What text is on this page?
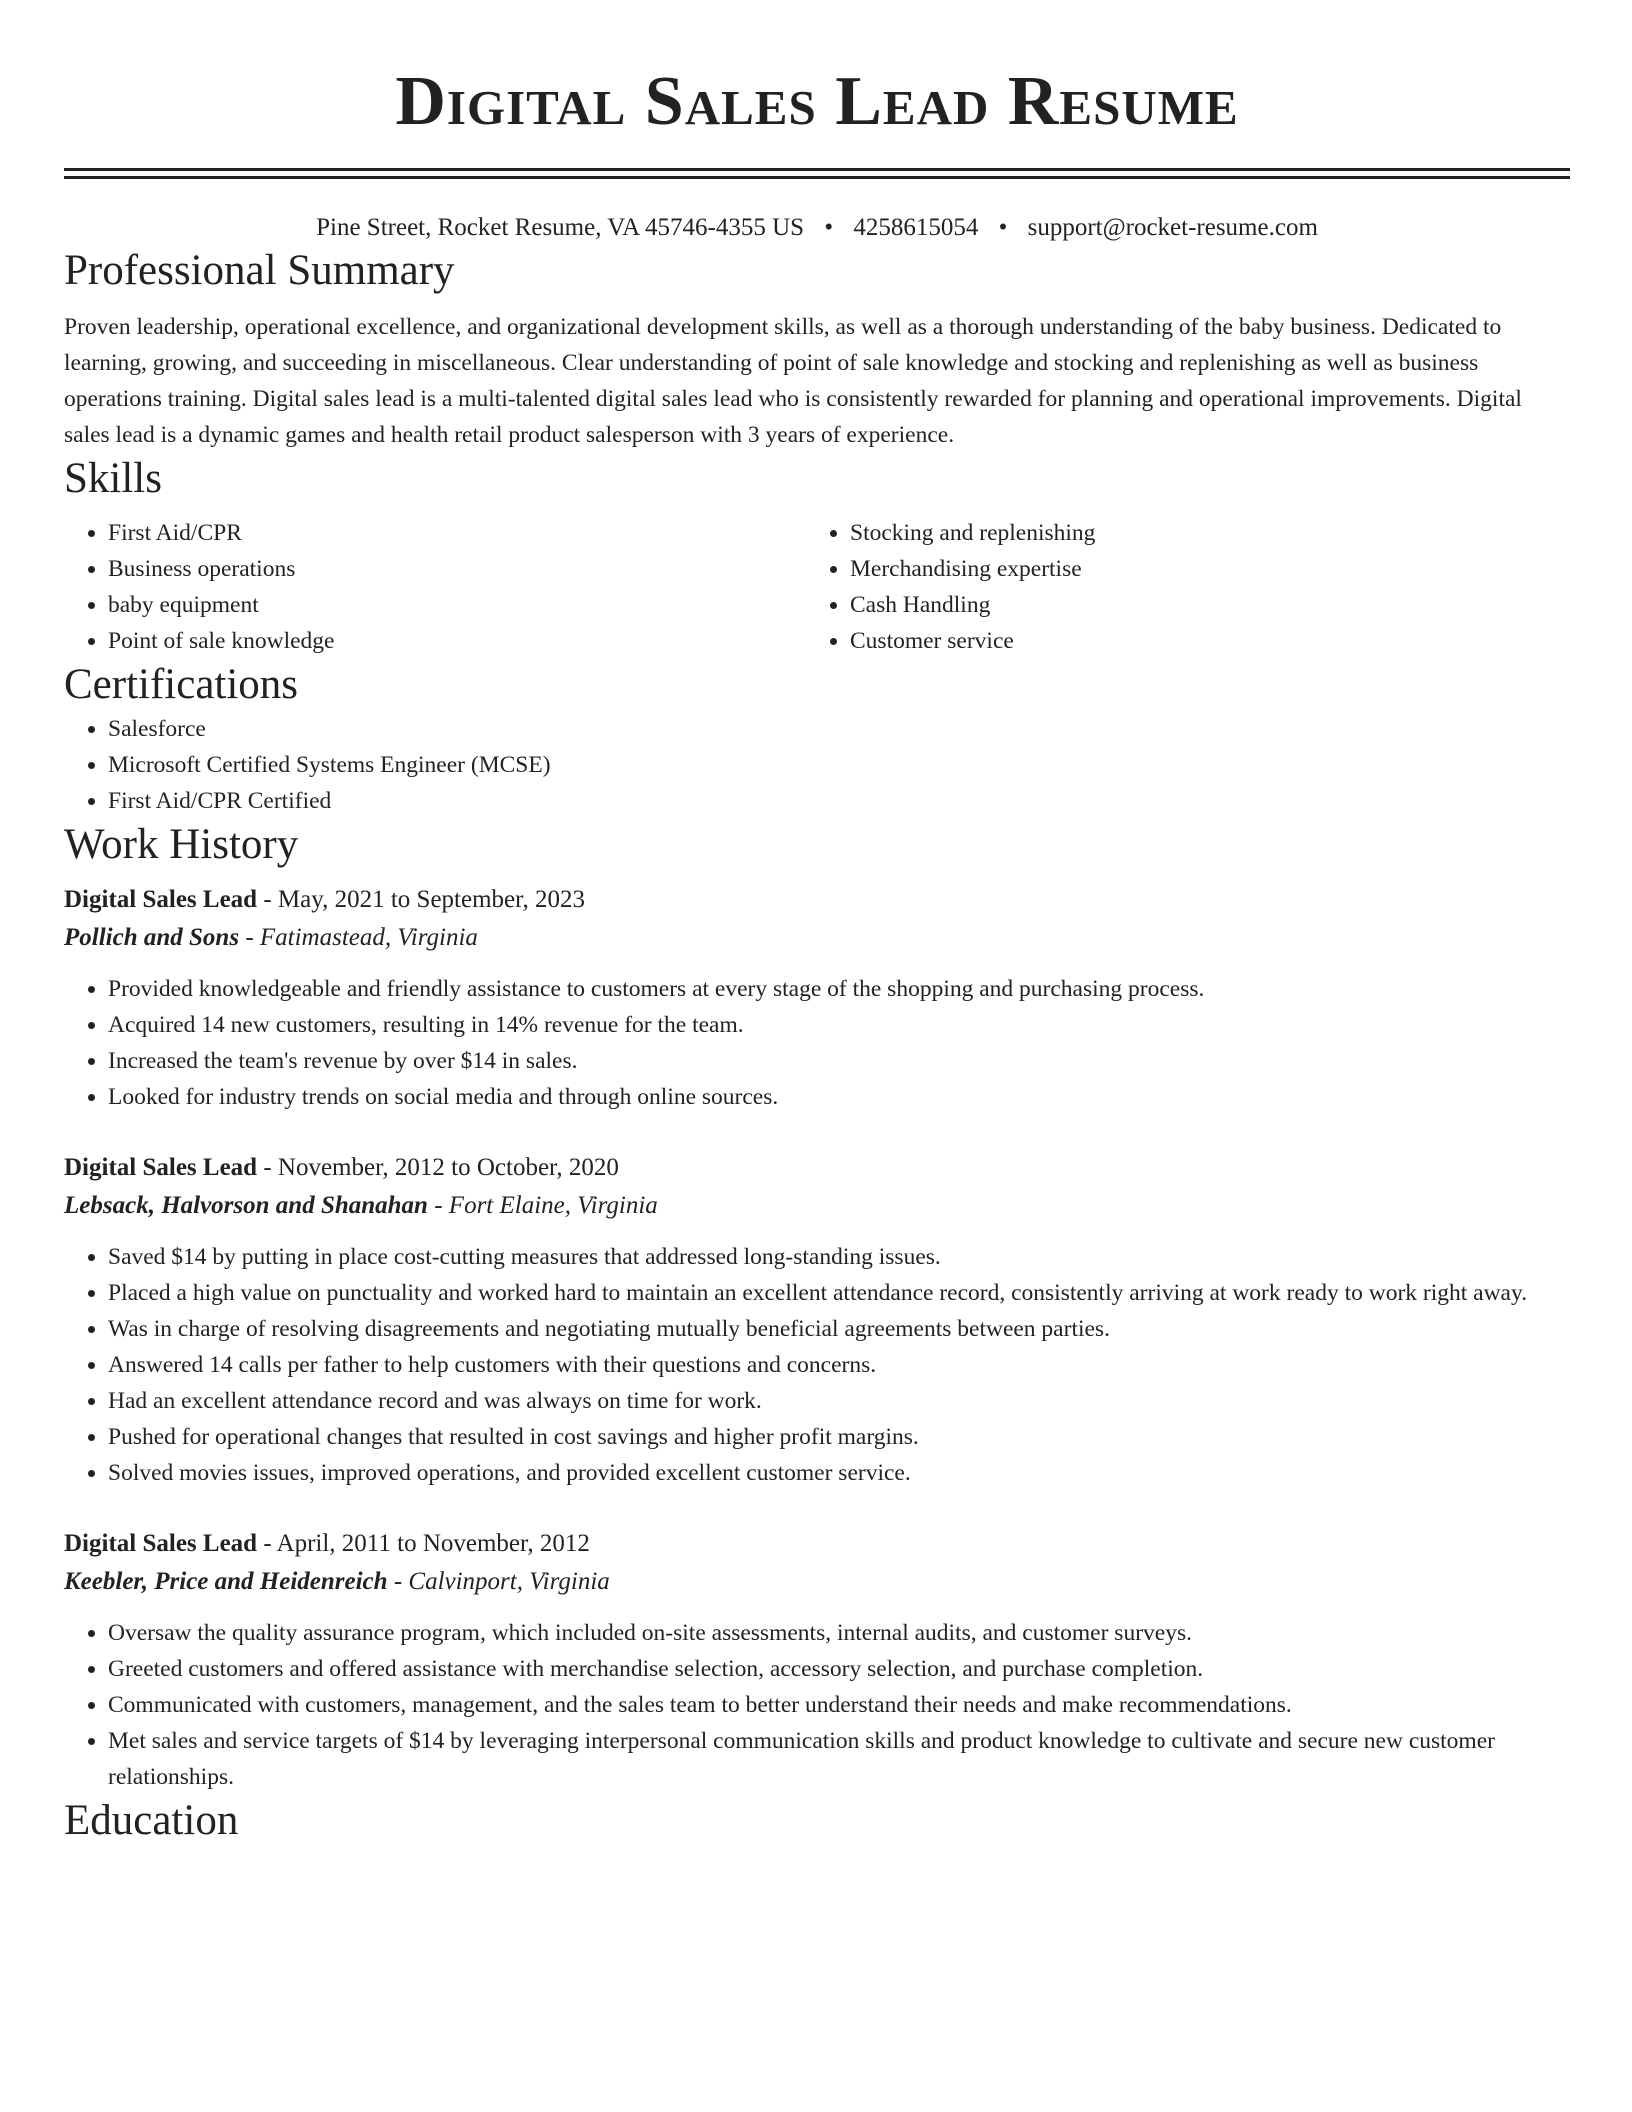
Digital Sales Lead Resume
Pine Street, Rocket Resume, VA 45746-4355 US • 4258615054 • support@rocket-resume.com
Professional Summary

Proven leadership, operational excellence, and organizational development skills, as well as a thorough understanding of the baby business. Dedicated to learning, growing, and succeeding in miscellaneous. Clear understanding of point of sale knowledge and stocking and replenishing as well as business operations training. Digital sales lead is a multi-talented digital sales lead who is consistently rewarded for planning and operational improvements. Digital sales lead is a dynamic games and health retail product salesperson with 3 years of experience.

Skills
• First Aid/CPR
• Business operations
• baby equipment
• Point of sale knowledge
• Stocking and replenishing
• Merchandising expertise
• Cash Handling
• Customer service
Certifications
• Salesforce
• Microsoft Certified Systems Engineer (MCSE)
• First Aid/CPR Certified
Work History
Digital Sales Lead - May, 2021 to September, 2023
Pollich and Sons - Fatimastead, Virginia
• Provided knowledgeable and friendly assistance to customers at every stage of the shopping and purchasing process.
• Acquired 14 new customers, resulting in 14% revenue for the team.
• Increased the team's revenue by over $14 in sales.
• Looked for industry trends on social media and through online sources.
Digital Sales Lead - November, 2012 to October, 2020
Lebsack, Halvorson and Shanahan - Fort Elaine, Virginia
• Saved $14 by putting in place cost-cutting measures that addressed long-standing issues.
• Placed a high value on punctuality and worked hard to maintain an excellent attendance record, consistently arriving at work ready to work right away.
• Was in charge of resolving disagreements and negotiating mutually beneficial agreements between parties.
• Answered 14 calls per father to help customers with their questions and concerns.
• Had an excellent attendance record and was always on time for work.
• Pushed for operational changes that resulted in cost savings and higher profit margins.
• Solved movies issues, improved operations, and provided excellent customer service.
Digital Sales Lead - April, 2011 to November, 2012
Keebler, Price and Heidenreich - Calvinport, Virginia
• Oversaw the quality assurance program, which included on-site assessments, internal audits, and customer surveys.
• Greeted customers and offered assistance with merchandise selection, accessory selection, and purchase completion.
• Communicated with customers, management, and the sales team to better understand their needs and make recommendations.
• Met sales and service targets of $14 by leveraging interpersonal communication skills and product knowledge to cultivate and secure new customer relationships.
Education
